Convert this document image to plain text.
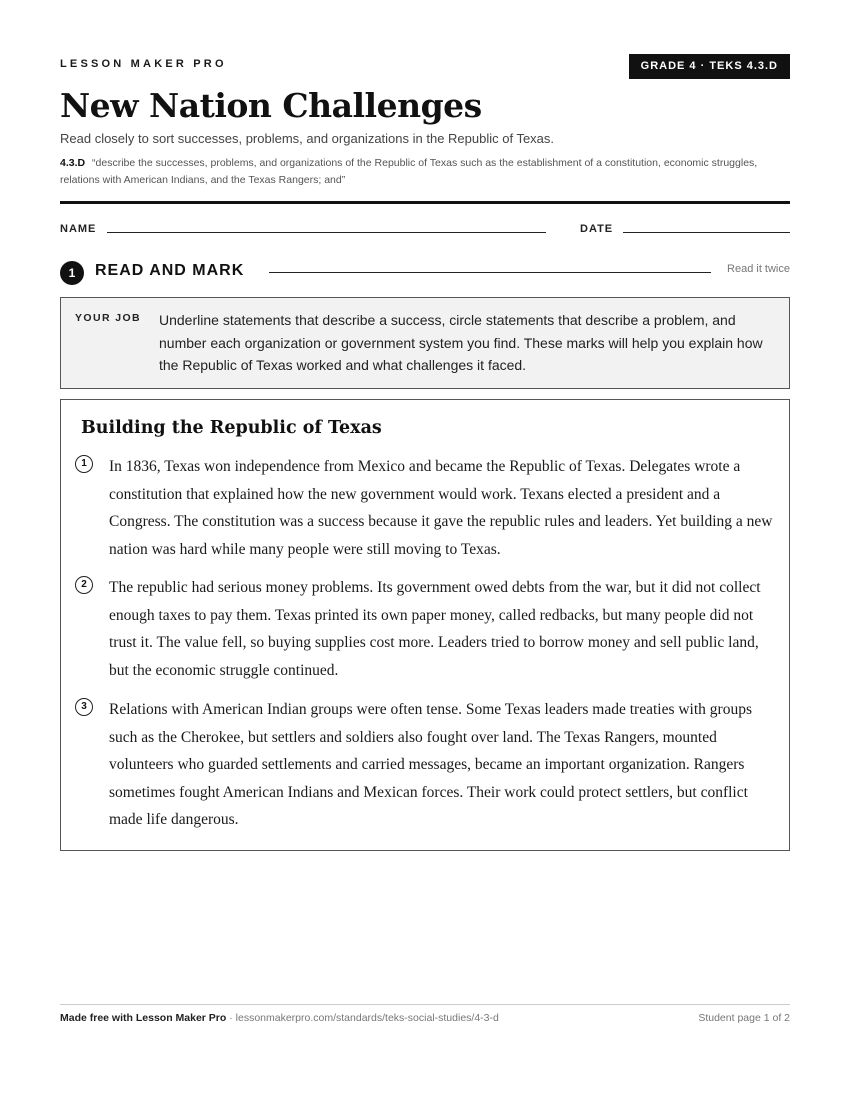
LESSON MAKER PRO	GRADE 4 · TEKS 4.3.D
New Nation Challenges
Read closely to sort successes, problems, and organizations in the Republic of Texas.
4.3.D “describe the successes, problems, and organizations of the Republic of Texas such as the establishment of a constitution, economic struggles, relations with American Indians, and the Texas Rangers; and”
NAME	DATE
1	READ AND MARK	Read it twice
YOUR JOB Underline statements that describe a success, circle statements that describe a problem, and number each organization or government system you find. These marks will help you explain how the Republic of Texas worked and what challenges it faced.
Building the Republic of Texas
1	In 1836, Texas won independence from Mexico and became the Republic of Texas. Delegates wrote a constitution that explained how the new government would work. Texans elected a president and a Congress. The constitution was a success because it gave the republic rules and leaders. Yet building a new nation was hard while many people were still moving to Texas.
2	The republic had serious money problems. Its government owed debts from the war, but it did not collect enough taxes to pay them. Texas printed its own paper money, called redbacks, but many people did not trust it. The value fell, so buying supplies cost more. Leaders tried to borrow money and sell public land, but the economic struggle continued.
3	Relations with American Indian groups were often tense. Some Texas leaders made treaties with groups such as the Cherokee, but settlers and soldiers also fought over land. The Texas Rangers, mounted volunteers who guarded settlements and carried messages, became an important organization. Rangers sometimes fought American Indians and Mexican forces. Their work could protect settlers, but conflict made life dangerous.
Made free with Lesson Maker Pro · lessonmakerpro.com/standards/teks-social-studies/4-3-d	Student page 1 of 2
